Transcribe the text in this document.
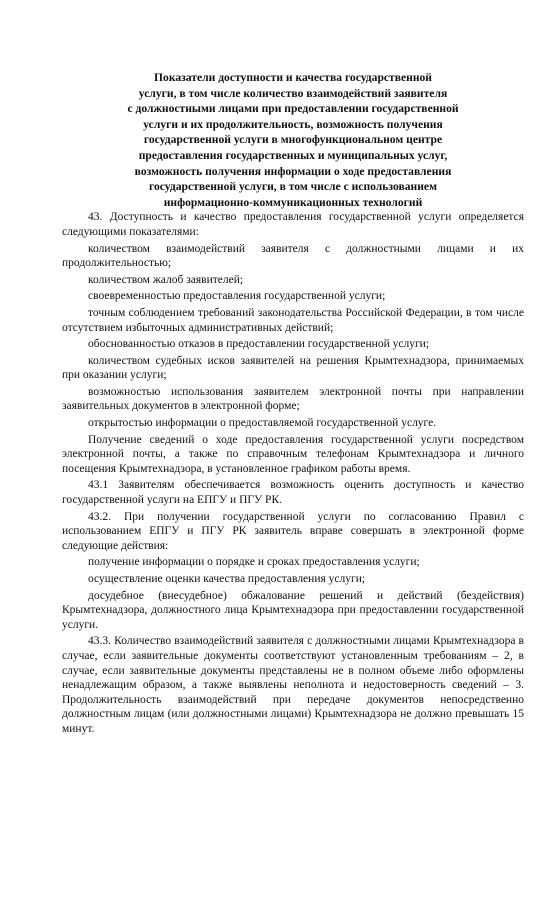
Показатели доступности и качества государственной
услуги, в том числе количество взаимодействий заявителя
с должностными лицами при предоставлении государственной
услуги и их продолжительность, возможность получения
государственной услуги в многофункциональном центре
предоставления государственных и муниципальных услуг,
возможность получения информации о ходе предоставления
государственной услуги, в том числе с использованием
информационно-коммуникационных технологий

43. Доступность и качество предоставления государственной услуги определяется следующими показателями:

количеством взаимодействий заявителя с должностными лицами и их продолжительностью;

количеством жалоб заявителей;

своевременностью предоставления государственной услуги;

точным соблюдением требований законодательства Российской Федерации, в том числе отсутствием избыточных административных действий;

обоснованностью отказов в предоставлении государственной услуги;

количеством судебных исков заявителей на решения Крымтехнадзора, принимаемых при оказании услуги;

возможностью использования заявителем электронной почты при направлении заявительных документов в электронной форме;

открытостью информации о предоставляемой государственной услуге.

Получение сведений о ходе предоставления государственной услуги посредством электронной почты, а также по справочным телефонам Крымтехнадзора и личного посещения Крымтехнадзора, в установленное графиком работы время.

43.1 Заявителям обеспечивается возможность оценить доступность и качество государственной услуги на ЕПГУ и ПГУ РК.

43.2. При получении государственной услуги по согласованию Правил с использованием ЕПГУ и ПГУ РК заявитель вправе совершать в электронной форме следующие действия:

получение информации о порядке и сроках предоставления услуги;

осуществление оценки качества предоставления услуги;

досудебное (внесудебное) обжалование решений и действий (бездействия) Крымтехнадзора, должностного лица Крымтехнадзора при предоставлении государственной услуги.

43.3. Количество взаимодействий заявителя с должностными лицами Крымтехнадзора в случае, если заявительные документы соответствуют установленным требованиям – 2, в случае, если заявительные документы представлены не в полном объеме либо оформлены ненадлежащим образом, а также выявлены неполнота и недостоверность сведений – 3. Продолжительность взаимодействий при передаче документов непосредственно должностным лицам (или должностными лицами) Крымтехнадзора не должно превышать 15 минут.
